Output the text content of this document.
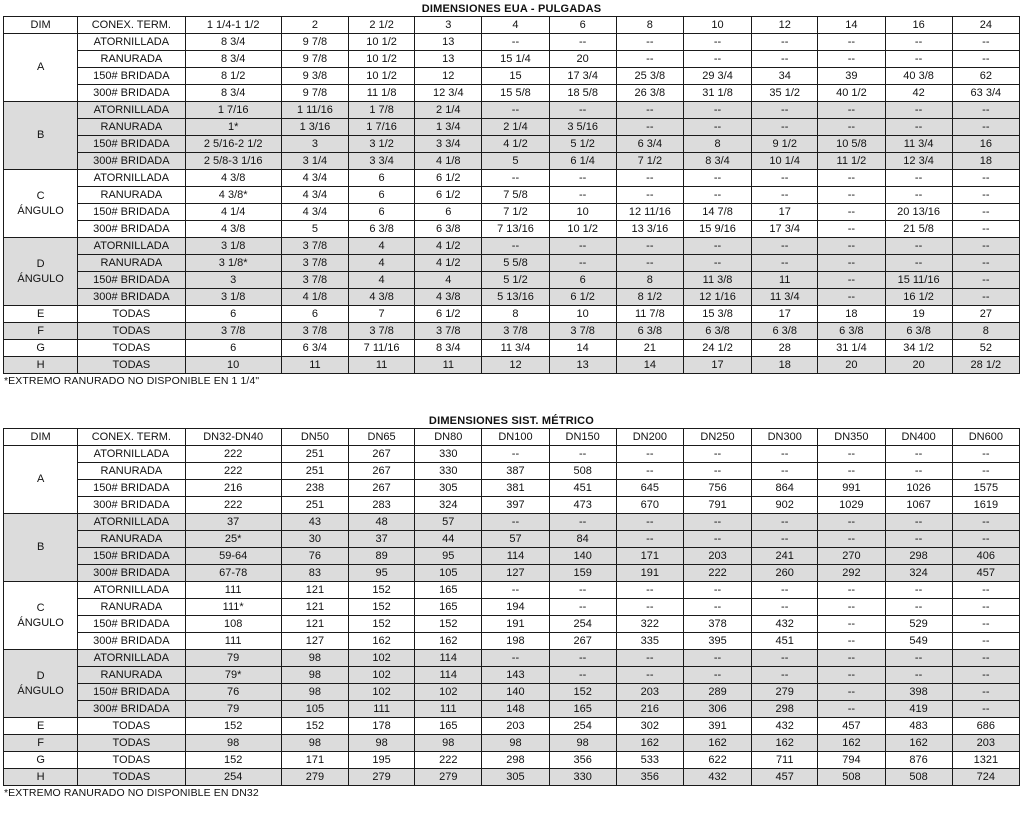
DIMENSIONES EUA - PULGADAS
DIM	CONEX. TERM.	1 1/4-1 1/2	2	2 1/2	3	4	6	8	10	12	14	16	24

A	ATORNILLADA	8 3/4	9 7/8	10 1/2	13	--	--	--	--	--	--	--	--
	RANURADA	8 3/4	9 7/8	10 1/2	13	15 1/4	20	--	--	--	--	--	--
	150# BRIDADA	8 1/2	9 3/8	10 1/2	12	15	17 3/4	25 3/8	29 3/4	34	39	40 3/8	62
	300# BRIDADA	8 3/4	9 7/8	11 1/8	12 3/4	15 5/8	18 5/8	26 3/8	31 1/8	35 1/2	40 1/2	42	63 3/4

B	ATORNILLADA	1 7/16	1 11/16	1 7/8	2 1/4	--	--	--	--	--	--	--	--
	RANURADA	1*	1 3/16	1 7/16	1 3/4	2 1/4	3 5/16	--	--	--	--	--	--
	150# BRIDADA	2 5/16-2 1/2	3	3 1/2	3 3/4	4 1/2	5 1/2	6 3/4	8	9 1/2	10 5/8	11 3/4	16
	300# BRIDADA	2 5/8-3 1/16	3 1/4	3 3/4	4 1/8	5	6 1/4	7 1/2	8 3/4	10 1/4	11 1/2	12 3/4	18

C
ÁNGULO	ATORNILLADA	4 3/8	4 3/4	6	6 1/2	--	--	--	--	--	--	--	--
	RANURADA	4 3/8*	4 3/4	6	6 1/2	7 5/8	--	--	--	--	--	--	--
	150# BRIDADA	4 1/4	4 3/4	6	6	7 1/2	10	12 11/16	14 7/8	17	--	20 13/16	--
	300# BRIDADA	4 3/8	5	6 3/8	6 3/8	7 13/16	10 1/2	13 3/16	15 9/16	17 3/4	--	21 5/8	--

D
ÁNGULO	ATORNILLADA	3 1/8	3 7/8	4	4 1/2	--	--	--	--	--	--	--	--
	RANURADA	3 1/8*	3 7/8	4	4 1/2	5 5/8	--	--	--	--	--	--	--
	150# BRIDADA	3	3 7/8	4	4	5 1/2	6	8	11 3/8	11	--	15 11/16	--
	300# BRIDADA	3 1/8	4 1/8	4 3/8	4 3/8	5 13/16	6 1/2	8 1/2	12 1/16	11 3/4	--	16 1/2	--
E	TODAS	6	6	7	6 1/2	8	10	11 7/8	15 3/8	17	18	19	27
F	TODAS	3 7/8	3 7/8	3 7/8	3 7/8	3 7/8	3 7/8	6 3/8	6 3/8	6 3/8	6 3/8	6 3/8	8
G	TODAS	6	6 3/4	7 11/16	8 3/4	11 3/4	14	21	24 1/2	28	31 1/4	34 1/2	52
H	TODAS	10	11	11	11	12	13	14	17	18	20	20	28 1/2
*EXTREMO RANURADO NO DISPONIBLE EN 1 1/4"
DIMENSIONES SIST. MÉTRICO
DIM	CONEX. TERM.	DN32-DN40	DN50	DN65	DN80	DN100	DN150	DN200	DN250	DN300	DN350	DN400	DN600

A	ATORNILLADA	222	251	267	330	--	--	--	--	--	--	--	--
	RANURADA	222	251	267	330	387	508	--	--	--	--	--	--
	150# BRIDADA	216	238	267	305	381	451	645	756	864	991	1026	1575
	300# BRIDADA	222	251	283	324	397	473	670	791	902	1029	1067	1619

B	ATORNILLADA	37	43	48	57	--	--	--	--	--	--	--	--
	RANURADA	25*	30	37	44	57	84	--	--	--	--	--	--
	150# BRIDADA	59-64	76	89	95	114	140	171	203	241	270	298	406
	300# BRIDADA	67-78	83	95	105	127	159	191	222	260	292	324	457

C
ÁNGULO	ATORNILLADA	111	121	152	165	--	--	--	--	--	--	--	--
	RANURADA	111*	121	152	165	194	--	--	--	--	--	--	--
	150# BRIDADA	108	121	152	152	191	254	322	378	432	--	529	--
	300# BRIDADA	111	127	162	162	198	267	335	395	451	--	549	--

D
ÁNGULO	ATORNILLADA	79	98	102	114	--	--	--	--	--	--	--	--
	RANURADA	79*	98	102	114	143	--	--	--	--	--	--	--
	150# BRIDADA	76	98	102	102	140	152	203	289	279	--	398	--
	300# BRIDADA	79	105	111	111	148	165	216	306	298	--	419	--
E	TODAS	152	152	178	165	203	254	302	391	432	457	483	686
F	TODAS	98	98	98	98	98	98	162	162	162	162	162	203
G	TODAS	152	171	195	222	298	356	533	622	711	794	876	1321
H	TODAS	254	279	279	279	305	330	356	432	457	508	508	724
*EXTREMO RANURADO NO DISPONIBLE EN DN32
